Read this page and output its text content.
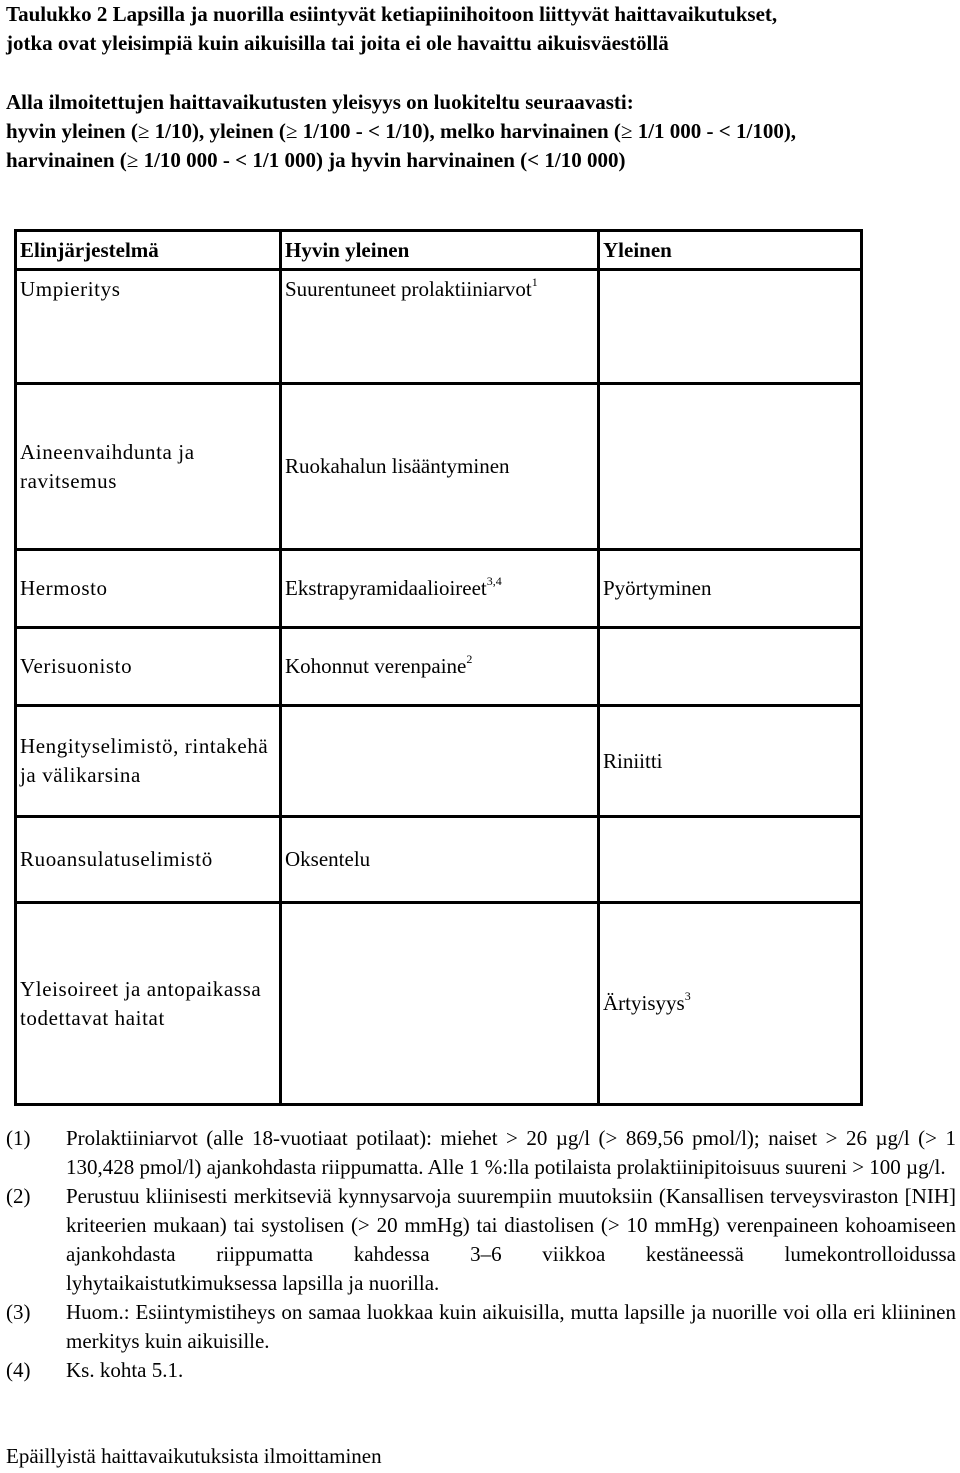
Taulukko 2 Lapsilla ja nuorilla esiintyvät ketiapiinihoitoon liittyvät haittavaikutukset,
jotka ovat yleisimpiä kuin aikuisilla tai joita ei ole havaittu aikuisväestöllä
Alla ilmoitettujen haittavaikutusten yleisyys on luokiteltu seuraavasti:
hyvin yleinen (≥ 1/10), yleinen (≥ 1/100 - < 1/10), melko harvinainen (≥ 1/1 000 - < 1/100),
harvinainen (≥ 1/10 000 - < 1/1 000) ja hyvin harvinainen (< 1/10 000)
Elinjärjestelmä	Hyvin yleinen	Yleinen
Umpieritys	Suurentuneet prolaktiiniarvot$^1$	
Aineenvaihdunta ja ravitsemus	Ruokahalun lisääntyminen	
Hermosto	Ekstrapyramidaalioireet$^{3,4}$	Pyörtyminen
Verisuonisto	Kohonnut verenpaine$^2$	
Hengityselimistö, rintakehä ja välikarsina		Riniitti
Ruoansulatuselimistö	Oksentelu	
Yleisoireet ja antopaikassa todettavat haitat		Ärtyisyys$^3$
(1)	Prolaktiiniarvot (alle 18-vuotiaat potilaat): miehet > 20 µg/l (> 869,56 pmol/l); naiset > 26 µg/l (> 1 130,428 pmol/l) ajankohdasta riippumatta. Alle 1 %:lla potilaista prolaktiinipitoisuus suureni > 100 µg/l.
(2)	Perustuu kliinisesti merkitseviä kynnysarvoja suurempiin muutoksiin (Kansallisen terveysviraston [NIH] kriteerien mukaan) tai systolisen (> 20 mmHg) tai diastolisen (> 10 mmHg) verenpaineen kohoamiseen ajankohdasta riippumatta kahdessa 3–6 viikkoa kestäneessä lumekontrolloidussa lyhytaikaistutkimuksessa lapsilla ja nuorilla.
(3)	Huom.: Esiintymistiheys on samaa luokkaa kuin aikuisilla, mutta lapsille ja nuorille voi olla eri kliininen merkitys kuin aikuisille.
(4)	Ks. kohta 5.1.
Epäillyistä haittavaikutuksista ilmoittaminen
